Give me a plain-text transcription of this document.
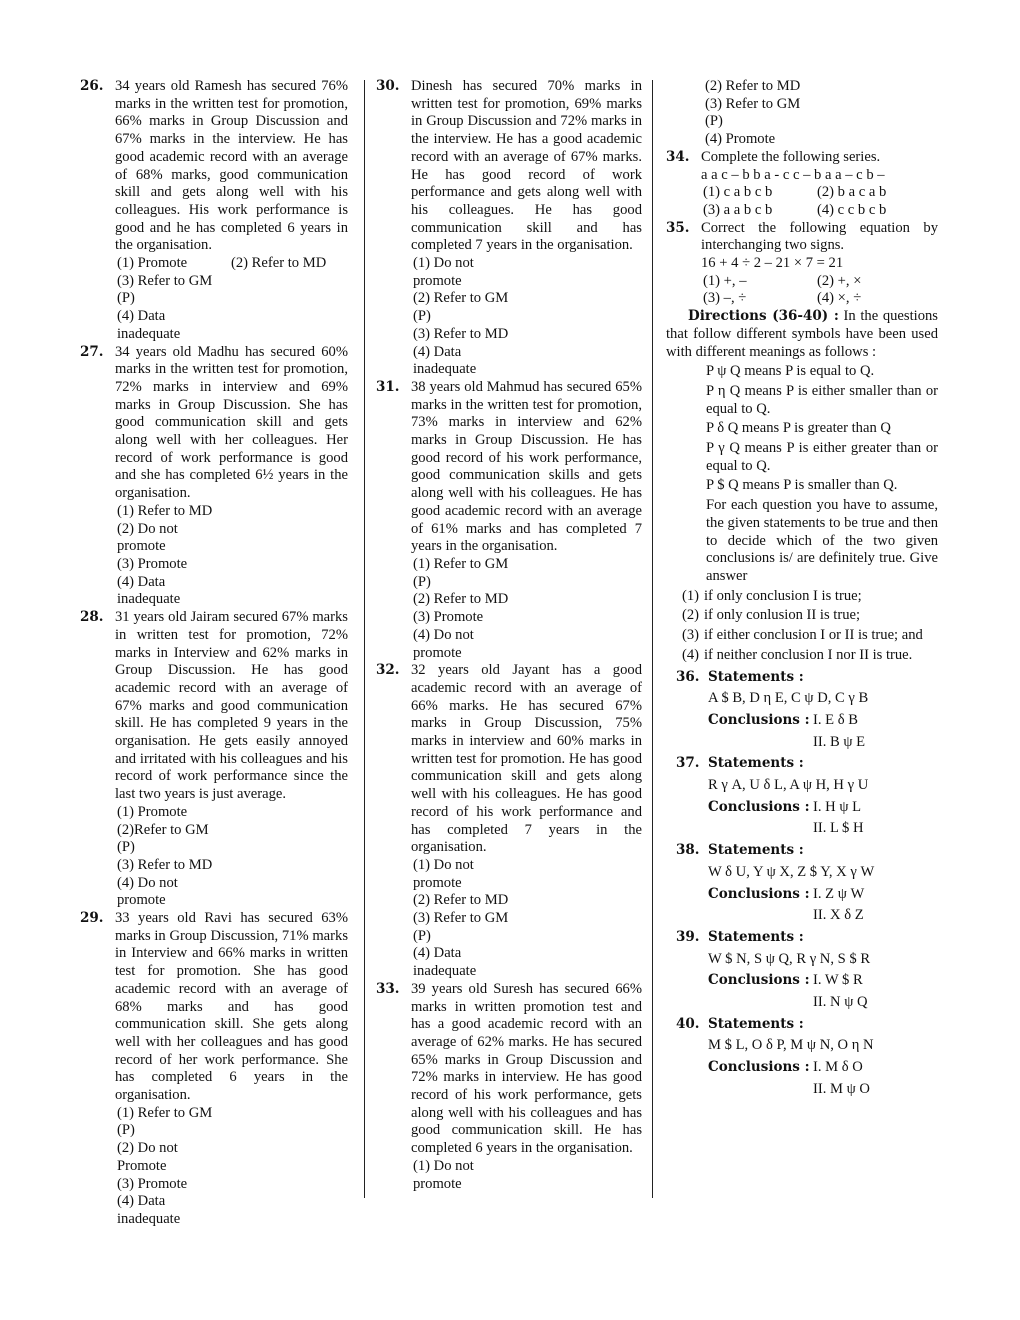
26. 34 years old Ramesh has secured 76% marks in the written test for promotion, 66% marks in Group Discussion and 67% marks in the interview. He has good academic record with an average of 68% marks, good communication skill and gets along well with his colleagues. His work performance is good and he has completed 6 years in the organisation.
(1) Promote	(2) Refer to MD
(3) Refer to GM (P)
(4) Data inadequate
27. 34 years old Madhu has secured 60% marks in the written test for promotion, 72% marks in interview and 69% marks in Group Discussion. She has good communication skill and gets along well with her colleagues. Her record of work performance is good and she has completed 6½ years in the organisation.
(1) Refer to MD
(2) Do not promote
(3) Promote
(4) Data inadequate
28. 31 years old Jairam secured 67% marks in written test for promotion, 72% marks in Interview and 62% marks in Group Discussion. He has good academic record with an average of 67% marks and good communication skill. He has completed 9 years in the organisation. He gets easily annoyed and irritated with his colleagues and his record of work performance since the last two years is just average.
(1) Promote
(2)Refer to GM (P)
(3) Refer to MD
(4) Do not promote
29. 33 years old Ravi has secured 63% marks in Group Discussion, 71% marks in Interview and 66% marks in written test for promotion. She has good academic record with an average of 68% marks and has good communication skill. She gets along well with her colleagues and has good record of her work performance. She has completed 6 years in the organisation.
(1) Refer to GM (P)
(2) Do not Promote
(3) Promote
(4) Data inadequate
30. Dinesh has secured 70% marks in written test for promotion, 69% marks in Group Discussion and 72% marks in the interview. He has a good academic record with an average of 67% marks. He has good record of work performance and gets along well with his colleagues. He has good communication skill and has completed 7 years in the organisation.
(1) Do not promote
(2) Refer to GM (P)
(3) Refer to MD
(4) Data inadequate
31. 38 years old Mahmud has secured 65% marks in the written test for promotion, 73% marks in interview and 62% marks in Group Discussion. He has good record of his work performance, good communication skills and gets along well with his colleagues. He has good academic record with an average of 61% marks and has completed 7 years in the organisation.
(1) Refer to GM (P)
(2) Refer to MD
(3) Promote
(4) Do not promote
32. 32 years old Jayant has a good academic record with an average of 66% marks. He has secured 67% marks in Group Discussion, 75% marks in interview and 60% marks in written test for promotion. He has good communication skill and gets along well with his colleagues. He has good record of his work performance and has completed 7 years in the organisation.
(1) Do not promote
(2) Refer to MD
(3) Refer to GM (P)
(4) Data inadequate
33. 39 years old Suresh has secured 66% marks in written promotion test and has a good academic record with an average of 62% marks. He has secured 65% marks in Group Discussion and 72% marks in interview. He has good record of his work performance, gets along well with his colleagues and has good communication skill. He has completed 6 years in the organisation.
(1) Do not promote
(2) Refer to MD
(3) Refer to GM (P)
(4) Promote
34. Complete the following series.
a a c – b b a - c c – b a a – c b –
(1) c a b c b	(2) b a c a b
(3) a a b c b	(4) c c b c b
35. Correct the following equation by interchanging two signs.
16 + 4 ÷ 2 – 21 × 7 = 21
(1) +, –	(2) +, ×
(3) –, ÷	(4) ×, ÷
Directions (36-40) : In the questions that follow different symbols have been used with different meanings as follows :
P ψ Q means P is equal to Q.
P η Q means P is either smaller than or equal to Q.
P δ Q means P is greater than Q
P γ Q means P is either greater than or equal to Q.
P $ Q means P is smaller than Q.
For each question you have to assume, the given statements to be true and then to decide which of the two given conclusions is/ are definitely true. Give answer
(1) if only conclusion I is true;
(2) if only conlusion II is true;
(3) if either conclusion I or II is true; and
(4) if neither conclusion I nor II is true.
36. Statements :
A $ B, D η E, C ψ D, C γ B
Conclusions : I. E δ B
II. B ψ E
37. Statements :
R γ A, U δ L, A ψ H, H γ U
Conclusions : I. H ψ L
II. L $ H
38. Statements :
W δ U, Y ψ X, Z $ Y, X γ W
Conclusions : I. Z ψ W
II. X δ Z
39. Statements :
W $ N, S ψ Q, R γ N, S $ R
Conclusions : I. W $ R
II. N ψ Q
40. Statements :
M $ L, O δ P, M ψ N, O η N
Conclusions : I. M δ O
II. M ψ O
